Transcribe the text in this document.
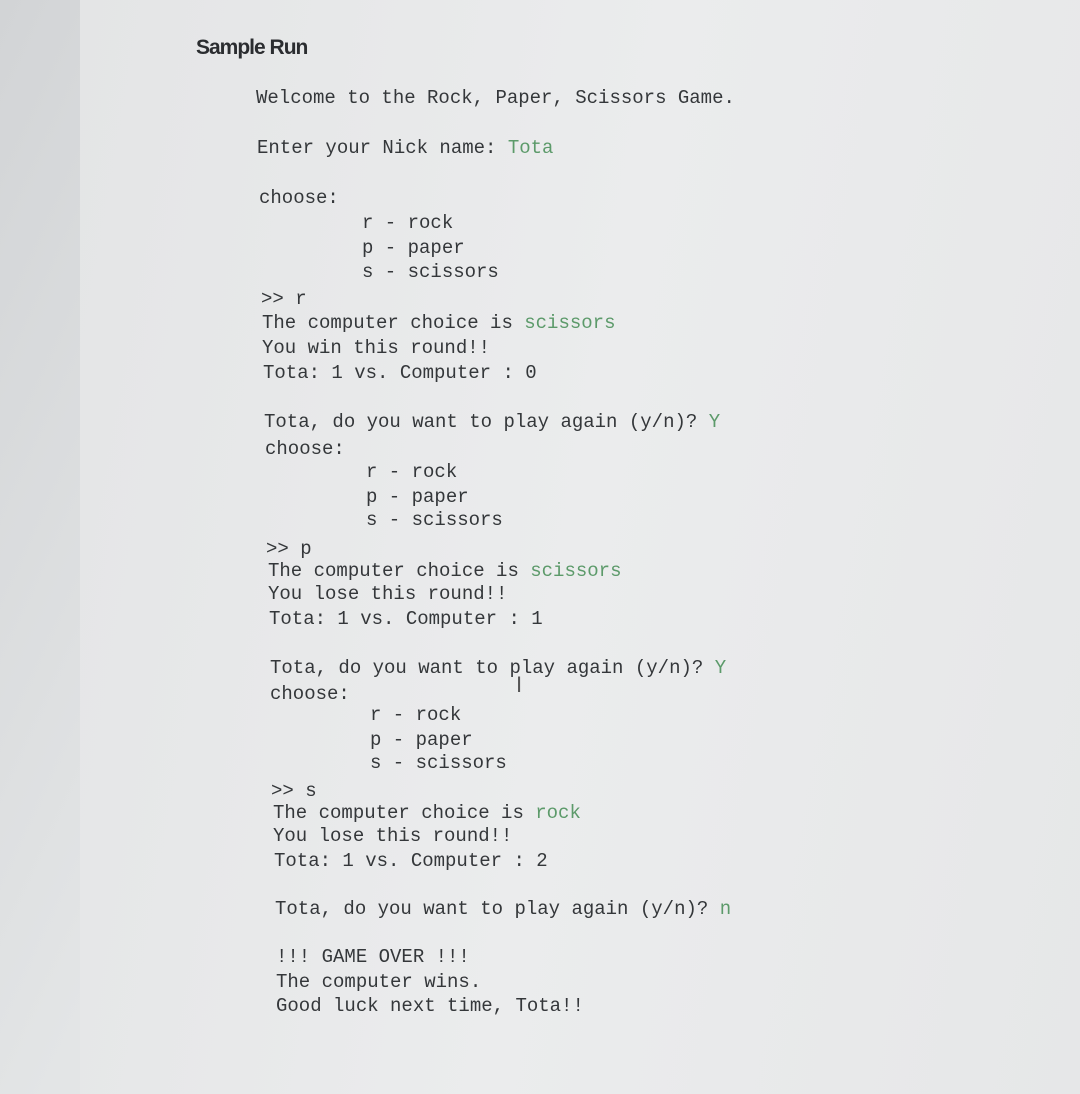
Sample Run
Welcome to the Rock, Paper, Scissors Game.
Enter your Nick name: Tota
choose:
r - rock
p - paper
s - scissors
>> r
The computer choice is scissors
You win this round!!
Tota: 1 vs. Computer : 0
Tota, do you want to play again (y/n)? Y
choose:
r - rock
p - paper
s - scissors
>> p
The computer choice is scissors
You lose this round!!
Tota: 1 vs. Computer : 1
Tota, do you want to play again (y/n)? Y
choose:
r - rock
p - paper
s - scissors
>> s
The computer choice is rock
You lose this round!!
Tota: 1 vs. Computer : 2
Tota, do you want to play again (y/n)? n
!!! GAME OVER !!!
The computer wins.
Good luck next time, Tota!!
I
